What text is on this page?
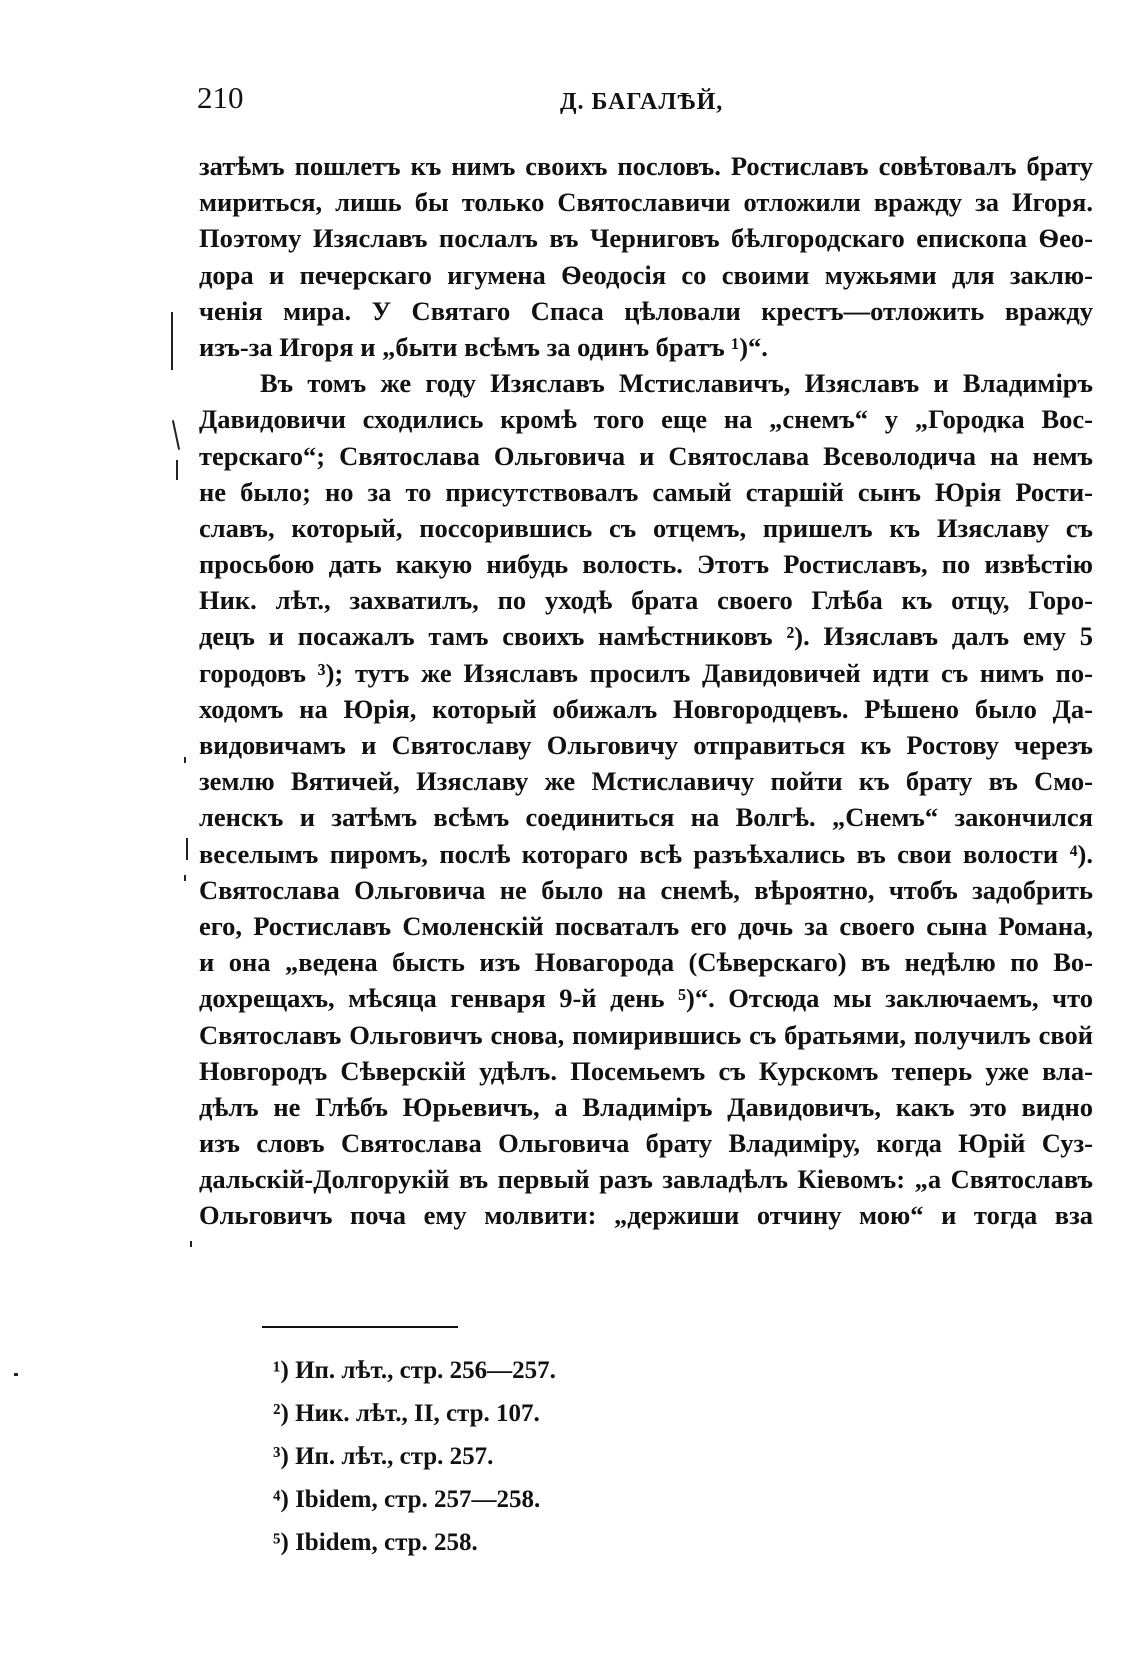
210	Д. БАГАЛѢЙ,
затѣмъ пошлетъ къ нимъ своихъ пословъ. Ростиславъ совѣтовалъ брату
мириться, лишь бы только Святославичи отложили вражду за Игоря.
Поэтому Изяславъ послалъ въ Черниговъ бѣлгородскаго епископа Ѳео-
дора и печерскаго игумена Ѳеодосія со своими мужьями для заклю-
ченія мира. У Святаго Спаса цѣловали крестъ—отложить вражду
изъ-за Игоря и „быти всѣмъ за одинъ братъ ¹)“.
Въ томъ же году Изяславъ Мстиславичъ, Изяславъ и Владиміръ
Давидовичи сходились кромѣ того еще на „снемъ“ у „Городка Вос-
терскаго“; Святослава Ольговича и Святослава Всеволодича на немъ
не было; но за то присутствовалъ самый старшій сынъ Юрія Рости-
славъ, который, поссорившись съ отцемъ, пришелъ къ Изяславу съ
просьбою дать какую нибудь волость. Этотъ Ростиславъ, по извѣстію
Ник. лѣт., захватилъ, по уходѣ брата своего Глѣба къ отцу, Горо-
децъ и посажалъ тамъ своихъ намѣстниковъ ²). Изяславъ далъ ему 5
городовъ ³); тутъ же Изяславъ просилъ Давидовичей идти съ нимъ по-
ходомъ на Юрія, который обижалъ Новгородцевъ. Рѣшено было Да-
видовичамъ и Святославу Ольговичу отправиться къ Ростову черезъ
землю Вятичей, Изяславу же Мстиславичу пойти къ брату въ Смо-
ленскъ и затѣмъ всѣмъ соединиться на Волгѣ. „Снемъ“ закончился
веселымъ пиромъ, послѣ котораго всѣ разъѣхались въ свои волости ⁴).
Святослава Ольговича не было на снемѣ, вѣроятно, чтобъ задобрить
его, Ростиславъ Смоленскій посваталъ его дочь за своего сына Романа,
и она „ведена бысть изъ Новагорода (Сѣверскаго) въ недѣлю по Во-
дохрещахъ, мѣсяца генваря 9-й день ⁵)“. Отсюда мы заключаемъ, что
Святославъ Ольговичъ снова, помирившись съ братьями, получилъ свой
Новгородъ Сѣверскій удѣлъ. Посемьемъ съ Курскомъ теперь уже вла-
дѣлъ не Глѣбъ Юрьевичъ, а Владиміръ Давидовичъ, какъ это видно
изъ словъ Святослава Ольговича брату Владиміру, когда Юрій Суз-
дальскій-Долгорукій въ первый разъ завладѣлъ Кіевомъ: „а Святославъ
Ольговичъ поча ему молвити: „держиши отчину мою“ и тогда вза
¹) Ип. лѣт., стр. 256—257.
²) Ник. лѣт., II, стр. 107.
³) Ип. лѣт., стр. 257.
⁴) Ibidem, стр. 257—258.
⁵) Ibidem, стр. 258.
